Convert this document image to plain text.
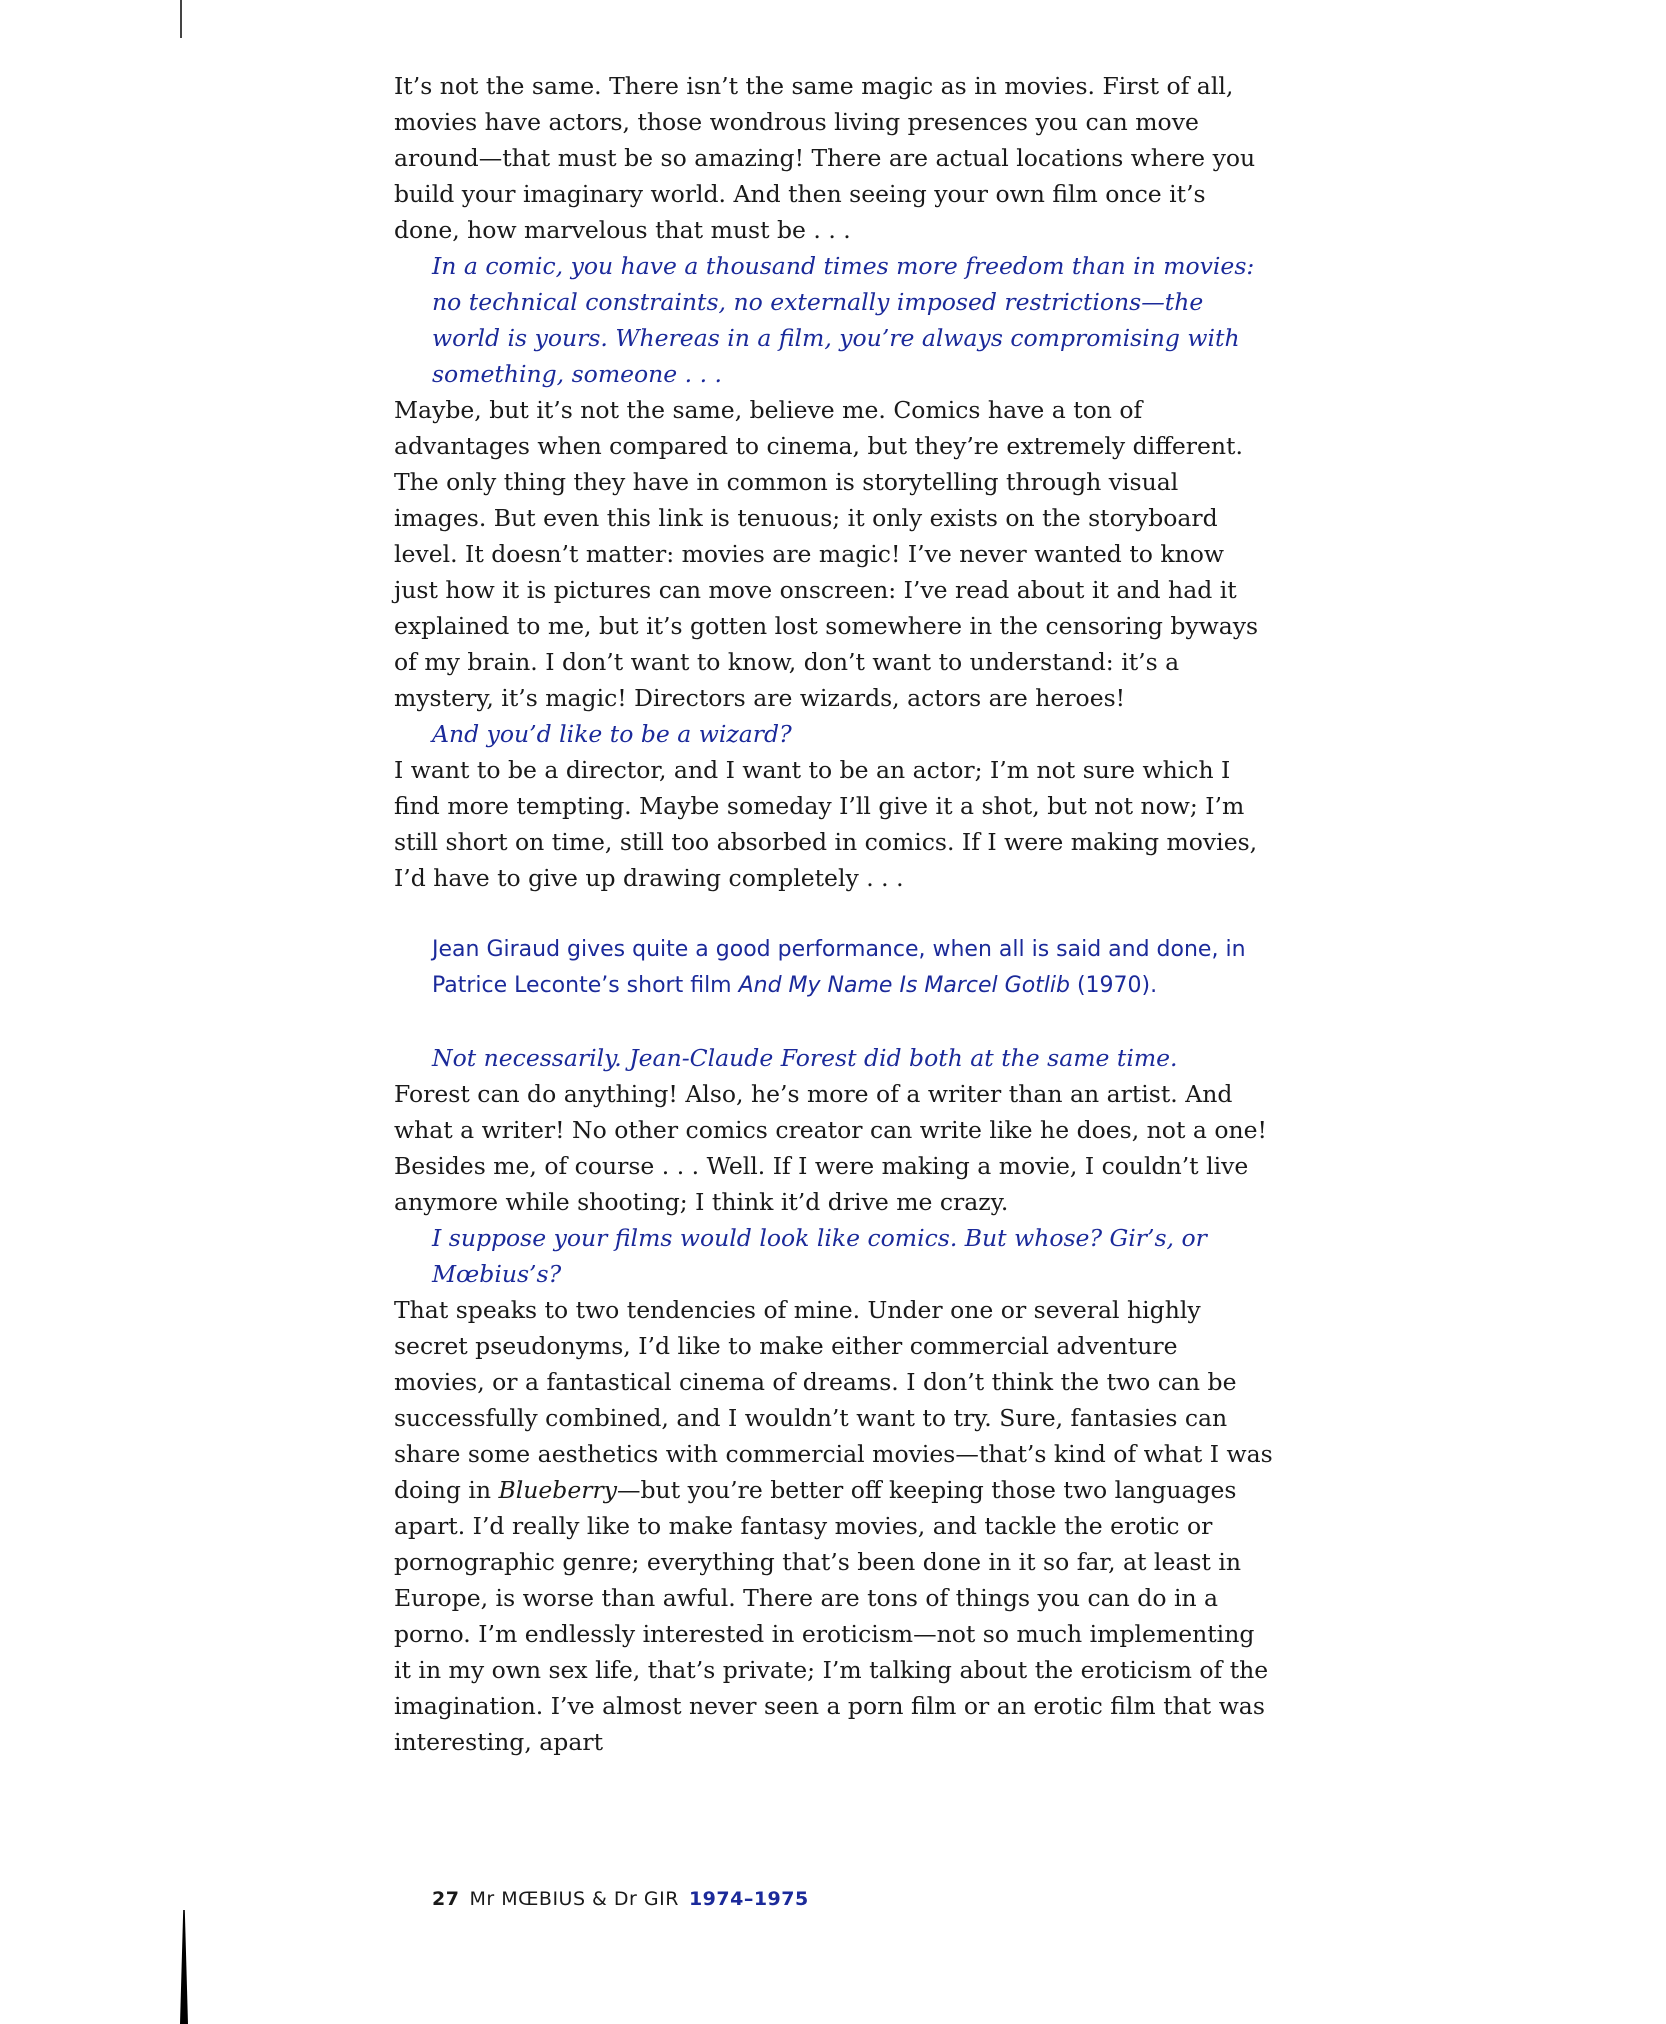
It’s not the same. There isn’t the same magic as in movies. First of all, movies have actors, those wondrous living presences you can move around—that must be so amazing! There are actual locations where you build your imaginary world. And then seeing your own film once it’s done, how marvelous that must be . . .

In a comic, you have a thousand times more freedom than in movies: no technical constraints, no externally imposed restrictions—the world is yours. Whereas in a film, you’re always compromising with something, someone . . .

Maybe, but it’s not the same, believe me. Comics have a ton of advantages when compared to cinema, but they’re extremely different. The only thing they have in common is storytelling through visual images. But even this link is tenuous; it only exists on the storyboard level. It doesn’t matter: movies are magic! I’ve never wanted to know just how it is pictures can move onscreen: I’ve read about it and had it explained to me, but it’s gotten lost somewhere in the censoring byways of my brain. I don’t want to know, don’t want to understand: it’s a mystery, it’s magic! Directors are wizards, actors are heroes!

And you’d like to be a wizard?

I want to be a director, and I want to be an actor; I’m not sure which I find more tempting. Maybe someday I’ll give it a shot, but not now; I’m still short on time, still too absorbed in comics. If I were making movies, I’d have to give up drawing completely . . .

Jean Giraud gives quite a good performance, when all is said and done, in Patrice Leconte’s short film And My Name Is Marcel Gotlib (1970).

Not necessarily. Jean-Claude Forest did both at the same time.

Forest can do anything! Also, he’s more of a writer than an artist. And what a writer! No other comics creator can write like he does, not a one! Besides me, of course . . . Well. If I were making a movie, I couldn’t live anymore while shooting; I think it’d drive me crazy.

I suppose your films would look like comics. But whose? Gir’s, or Mœbius’s?

That speaks to two tendencies of mine. Under one or several highly secret pseudonyms, I’d like to make either commercial adventure movies, or a fantastical cinema of dreams. I don’t think the two can be successfully combined, and I wouldn’t want to try. Sure, fantasies can share some aesthetics with commercial movies—that’s kind of what I was doing in Blueberry—but you’re better off keeping those two languages apart. I’d really like to make fantasy movies, and tackle the erotic or pornographic genre; everything that’s been done in it so far, at least in Europe, is worse than awful. There are tons of things you can do in a porno. I’m endlessly interested in eroticism—not so much implementing it in my own sex life, that’s private; I’m talking about the eroticism of the imagination. I’ve almost never seen a porn film or an erotic film that was interesting, apart

27 Mr MŒBIUS & Dr GIR 1974–1975
